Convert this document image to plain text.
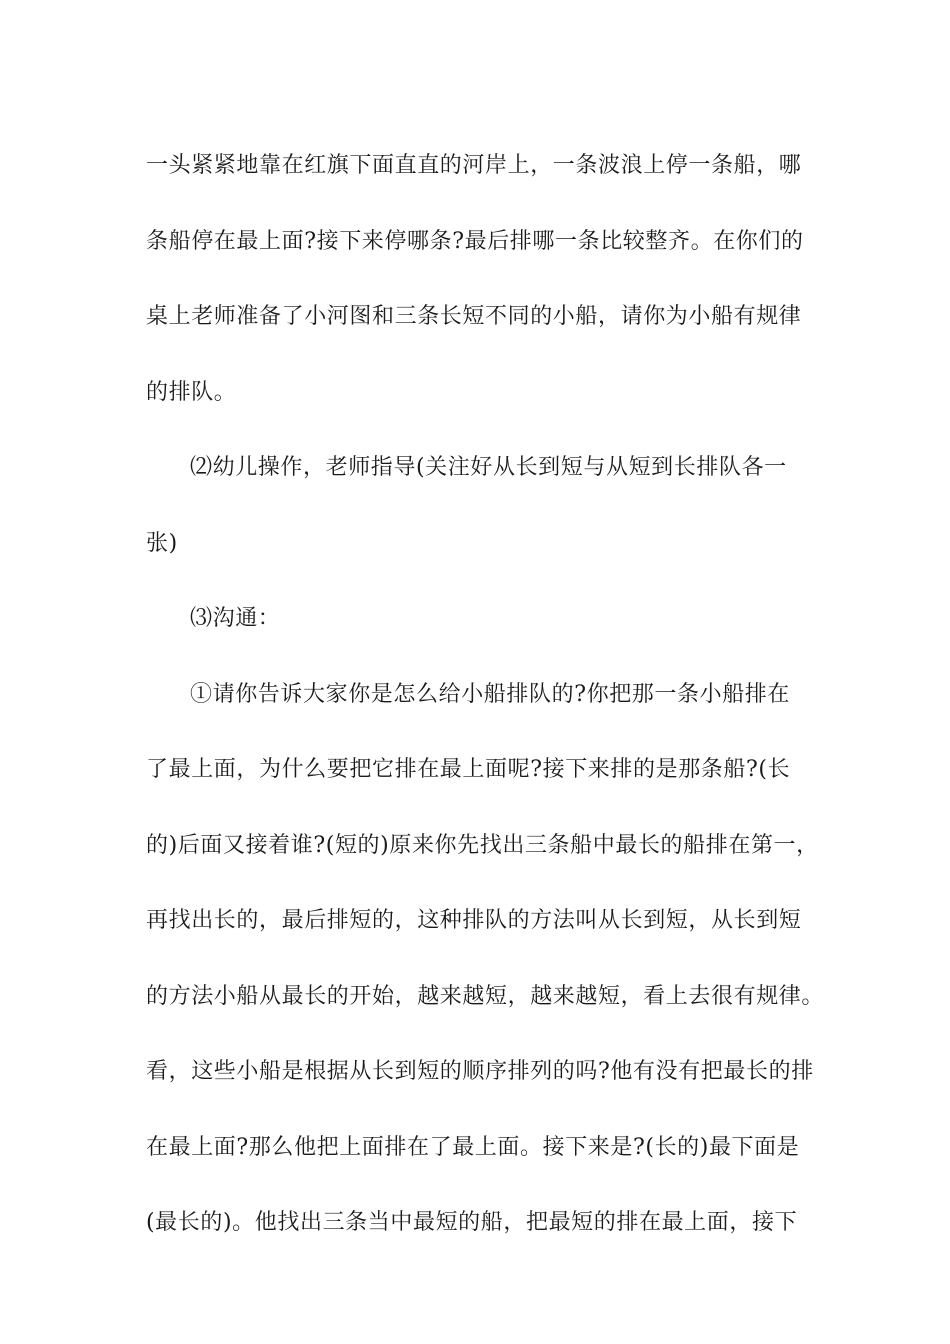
一头紧紧地靠在红旗下面直直的河岸上，一条波浪上停一条船，哪
条船停在最上面?接下来停哪条?最后排哪一条比较整齐。在你们的
桌上老师准备了小河图和三条长短不同的小船，请你为小船有规律
的排队。
⑵幼儿操作，老师指导(关注好从长到短与从短到长排队各一
张)
⑶沟通：
①请你告诉大家你是怎么给小船排队的?你把那一条小船排在
了最上面，为什么要把它排在最上面呢?接下来排的是那条船?(长
的)后面又接着谁?(短的)原来你先找出三条船中最长的船排在第一，
再找出长的，最后排短的，这种排队的方法叫从长到短，从长到短
的方法小船从最长的开始，越来越短，越来越短，看上去很有规律。
看，这些小船是根据从长到短的顺序排列的吗?他有没有把最长的排
在最上面?那么他把上面排在了最上面。接下来是?(长的)最下面是
(最长的)。他找出三条当中最短的船，把最短的排在最上面，接下
